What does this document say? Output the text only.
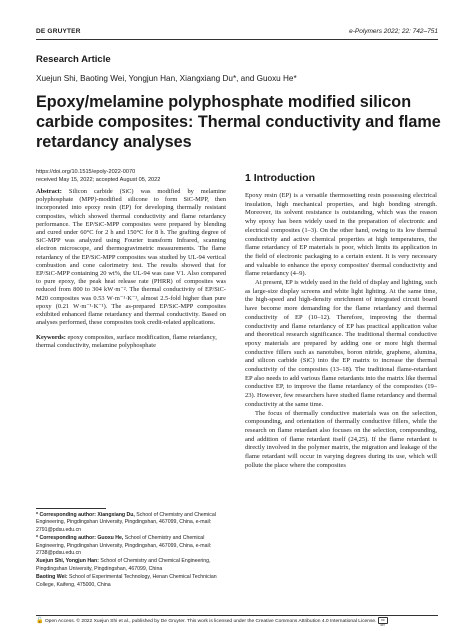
DE GRUYTER	e-Polymers 2022; 22: 742–751
Research Article
Xuejun Shi, Baoting Wei, Yongjun Han, Xiangxiang Du*, and Guoxu He*
Epoxy/melamine polyphosphate modified silicon carbide composites: Thermal conductivity and flame retardancy analyses
https://doi.org/10.1515/epoly-2022-0070
received May 15, 2022; accepted August 05, 2022

Abstract: Silicon carbide (SiC) was modified by melamine polyphosphate (MPP)-modified silicone to form SiC-MPP, then incorporated into epoxy resin (EP) for developing thermally resistant composites, which showed thermal conductivity and flame retardancy performance. The EP/SiC-MPP composites were prepared by blending and cured under 60°C for 2 h and 150°C for 8 h. The grafting degree of SiC-MPP was analyzed using Fourier transform Infrared, scanning electron microscope, and thermogravimetric measurements. The flame retardancy of the EP/SiC-MPP composites was studied by UL-94 vertical combustion and cone calorimetry test. The results showed that for EP/SiC-MPP containing 20 wt%, the UL-94 was case V1. Also compared to pure epoxy, the peak heat release rate (PHRR) of composites was reduced from 800 to 304 kW·m⁻². The thermal conductivity of EP/SiC-M20 composites was 0.53 W·m⁻¹·K⁻¹, almost 2.5-fold higher than pure epoxy (0.21 W·m⁻¹·K⁻¹). The as-prepared EP/SiC-MPP composites exhibited enhanced flame retardancy and thermal conductivity. Based on analyses performed, these composites took credit-related applications.

Keywords: epoxy composites, surface modification, flame retardancy, thermal conductivity, melamine polyphosphate

* Corresponding author: Xiangxiang Du, School of Chemistry and Chemical Engineering, Pingdingshan University, Pingdingshan, 467099, China, e-mail: 2791@pdsu.edu.cn
* Corresponding author: Guoxu He, School of Chemistry and Chemical Engineering, Pingdingshan University, Pingdingshan, 467099, China, e-mail: 2738@pdsu.edu.cn
Xuejun Shi, Yongjun Han: School of Chemistry and Chemical Engineering, Pingdingshan University, Pingdingshan, 467099, China
Baoting Wei: School of Experimental Technology, Henan Chemical Technician College, Kaifeng, 475000, China
1 Introduction

Epoxy resin (EP) is a versatile thermosetting resin possessing electrical insulation, high mechanical properties, and high bonding strength. Moreover, its solvent resistance is outstanding, which was the reason why epoxy has been widely used in the preparation of electronic and electrical composites (1–3). On the other hand, owing to its low thermal conductivity and active chemical properties at high temperatures, the flame retardancy of EP materials is poor, which limits its application in the field of electronic packaging to a certain extent. It is very necessary and valuable to enhance the epoxy composites' thermal conductivity and flame retardancy (4–9).

At present, EP is widely used in the field of display and lighting, such as large-size display screens and white light lighting. At the same time, the high-speed and high-density enrichment of integrated circuit board have become more demanding for the flame retardancy and thermal conductivity of EP (10–12). Therefore, improving the thermal conductivity and flame retardancy of EP has practical application value and theoretical research significance. The traditional thermal conductive epoxy materials are prepared by adding one or more high thermal conductive fillers such as nanotubes, boron nitride, graphene, alumina, and silicon carbide (SiC) into the EP matrix to increase the thermal conductivity of the composites (13–18). The traditional flame-retardant EP also needs to add various flame retardants into the matrix like thermal conductive EP, to improve the flame retardancy of the composites (19–23). However, few researchers have studied flame retardancy and thermal conductivity at the same time.

The focus of thermally conductive materials was on the selection, compounding, and orientation of thermally conductive fillers, while the research on flame retardant also focuses on the selection, compounding, and addition of flame retardant itself (24,25). If the flame retardant is directly involved in the polymer matrix, the migration and leakage of the flame retardant will occur in varying degrees during its use, which will pollute the place where the composites

🔓 Open Access. © 2022 Xuejun Shi et al., published by De Gruyter. This work is licensed under the Creative Commons Attribution 4.0 International License. cc BY
